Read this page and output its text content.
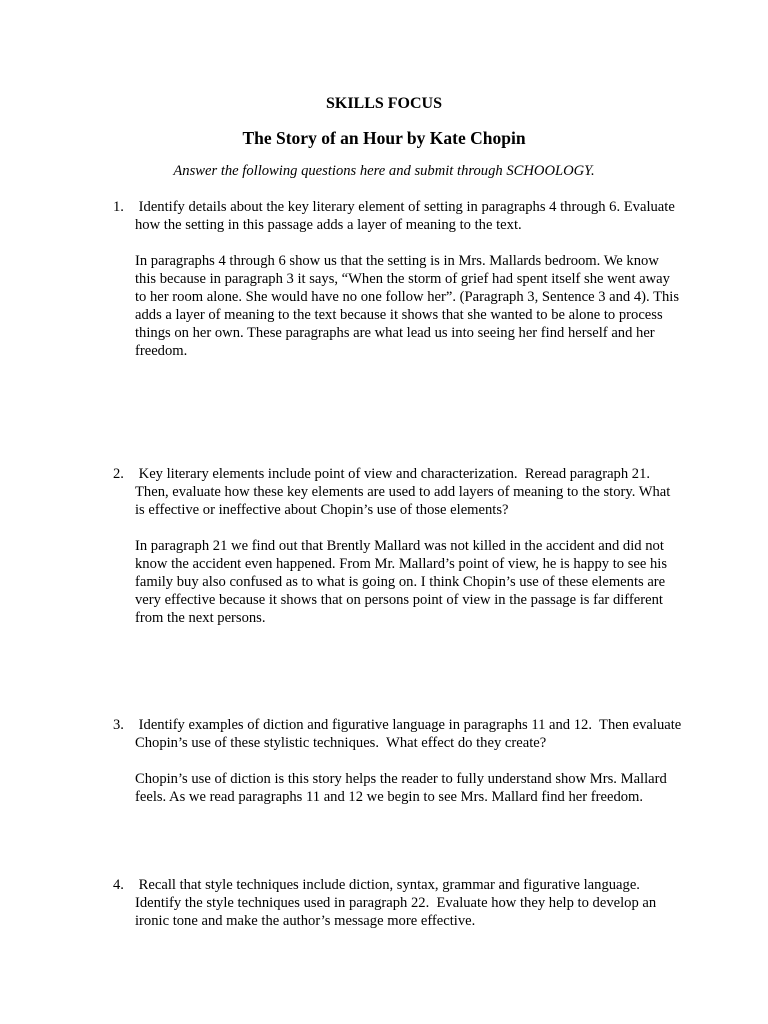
SKILLS FOCUS
The Story of an Hour by Kate Chopin

Answer the following questions here and submit through SCHOOLOGY.

1. Identify details about the key literary element of setting in paragraphs 4 through 6. Evaluate how the setting in this passage adds a layer of meaning to the text.
In paragraphs 4 through 6 show us that the setting is in Mrs. Mallards bedroom. We know this because in paragraph 3 it says, “When the storm of grief had spent itself she went away to her room alone. She would have no one follow her”. (Paragraph 3, Sentence 3 and 4). This adds a layer of meaning to the text because it shows that she wanted to be alone to process things on her own. These paragraphs are what lead us into seeing her find herself and her freedom.
2. Key literary elements include point of view and characterization.  Reread paragraph 21. Then, evaluate how these key elements are used to add layers of meaning to the story. What is effective or ineffective about Chopin’s use of those elements?
In paragraph 21 we find out that Brently Mallard was not killed in the accident and did not know the accident even happened. From Mr. Mallard’s point of view, he is happy to see his family buy also confused as to what is going on. I think Chopin’s use of these elements are very effective because it shows that on persons point of view in the passage is far different from the next persons.
3. Identify examples of diction and figurative language in paragraphs 11 and 12.  Then evaluate Chopin’s use of these stylistic techniques.  What effect do they create?
Chopin’s use of diction is this story helps the reader to fully understand show Mrs. Mallard feels. As we read paragraphs 11 and 12 we begin to see Mrs. Mallard find her freedom.
4. Recall that style techniques include diction, syntax, grammar and figurative language. Identify the style techniques used in paragraph 22.  Evaluate how they help to develop an ironic tone and make the author’s message more effective.
